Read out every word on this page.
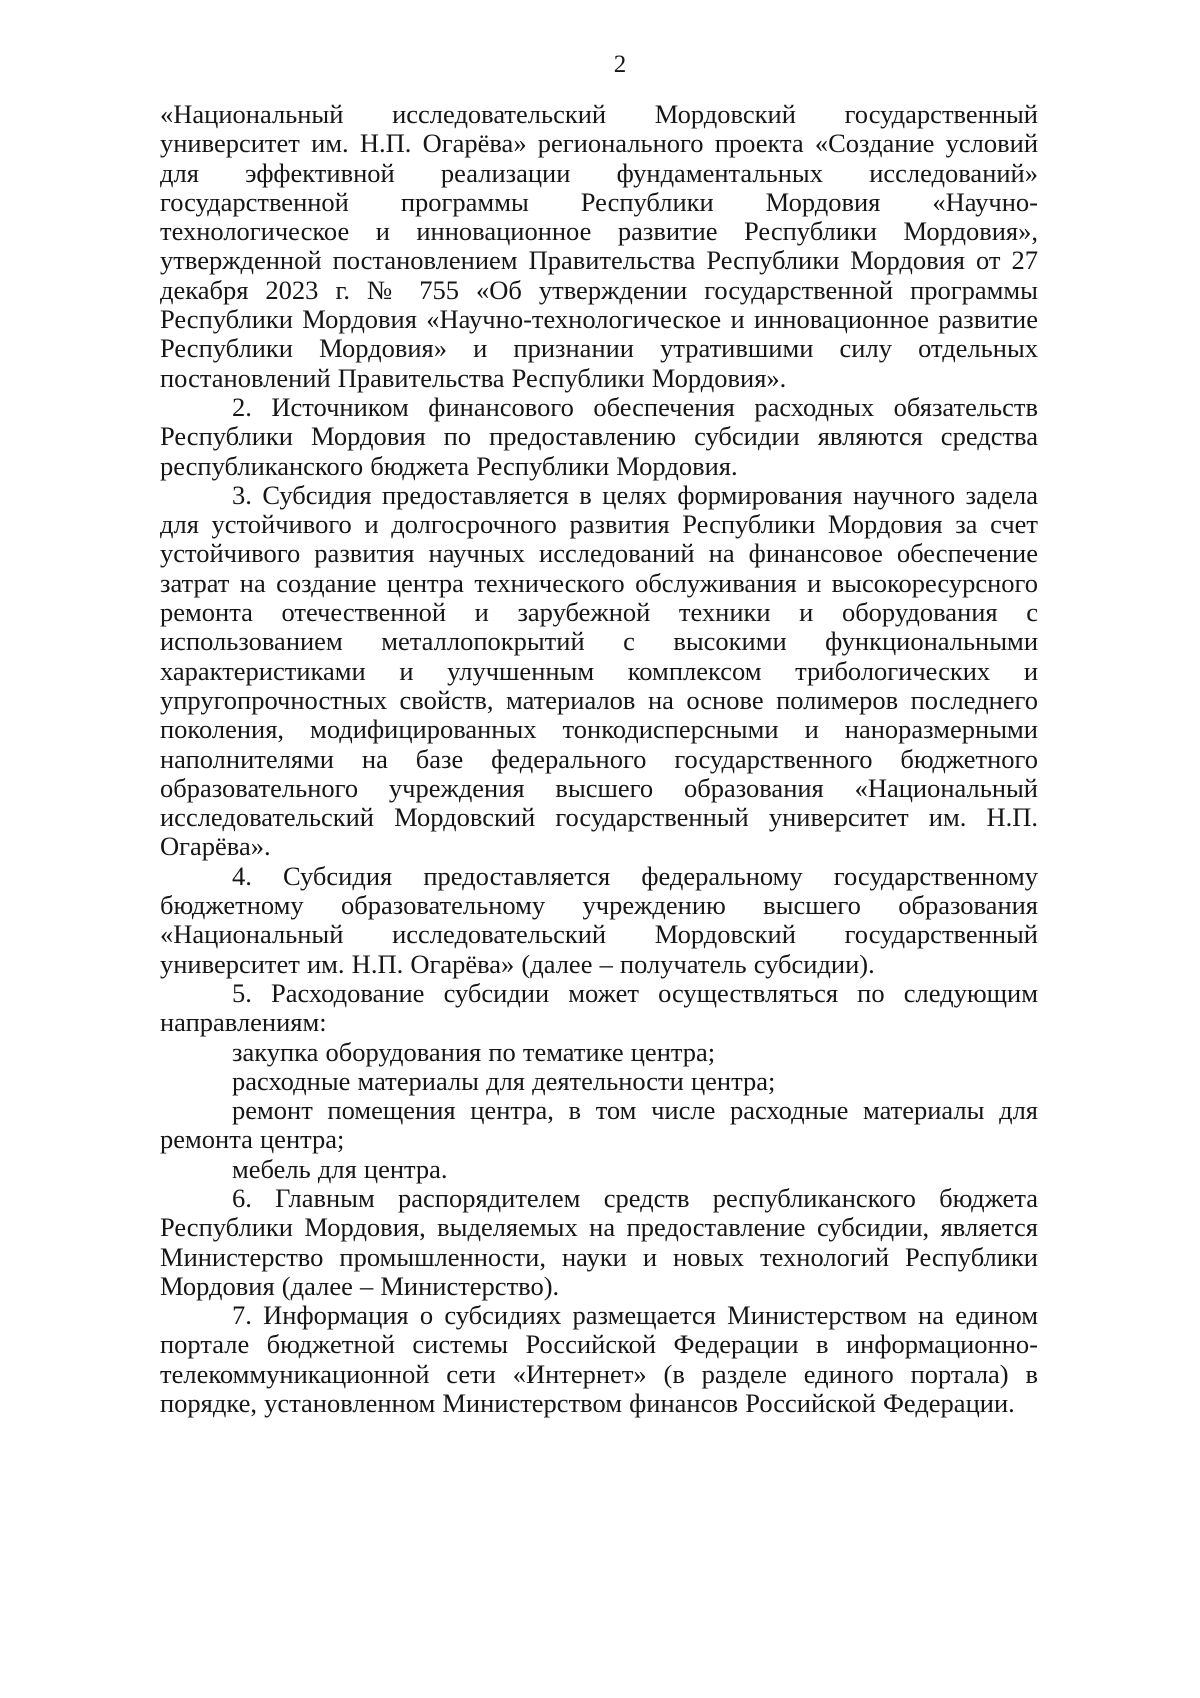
2

«Национальный исследовательский Мордовский государственный университет им. Н.П. Огарёва» регионального проекта «Создание условий для эффективной реализации фундаментальных исследований» государственной программы Республики Мордовия «Научно-технологическое и инновационное развитие Республики Мордовия», утвержденной постановлением Правительства Республики Мордовия от 27 декабря 2023 г. № 755 «Об утверждении государственной программы Республики Мордовия «Научно-технологическое и инновационное развитие Республики Мордовия» и признании утратившими силу отдельных постановлений Правительства Республики Мордовия».

2. Источником финансового обеспечения расходных обязательств Республики Мордовия по предоставлению субсидии являются средства республиканского бюджета Республики Мордовия.

3. Субсидия предоставляется в целях формирования научного задела для устойчивого и долгосрочного развития Республики Мордовия за счет устойчивого развития научных исследований на финансовое обеспечение затрат на создание центра технического обслуживания и высокоресурсного ремонта отечественной и зарубежной техники и оборудования с использованием металлопокрытий с высокими функциональными характеристиками и улучшенным комплексом трибологических и упругопрочностных свойств, материалов на основе полимеров последнего поколения, модифицированных тонкодисперсными и наноразмерными наполнителями на базе федерального государственного бюджетного образовательного учреждения высшего образования «Национальный исследовательский Мордовский государственный университет им. Н.П. Огарёва».

4. Субсидия предоставляется федеральному государственному бюджетному образовательному учреждению высшего образования «Национальный исследовательский Мордовский государственный университет им. Н.П. Огарёва» (далее – получатель субсидии).

5. Расходование субсидии может осуществляться по следующим направлениям:

закупка оборудования по тематике центра;

расходные материалы для деятельности центра;

ремонт помещения центра, в том числе расходные материалы для ремонта центра;

мебель для центра.

6. Главным распорядителем средств республиканского бюджета Республики Мордовия, выделяемых на предоставление субсидии, является Министерство промышленности, науки и новых технологий Республики Мордовия (далее – Министерство).

7. Информация о субсидиях размещается Министерством на едином портале бюджетной системы Российской Федерации в информационно-телекоммуникационной сети «Интернет» (в разделе единого портала) в порядке, установленном Министерством финансов Российской Федерации.
